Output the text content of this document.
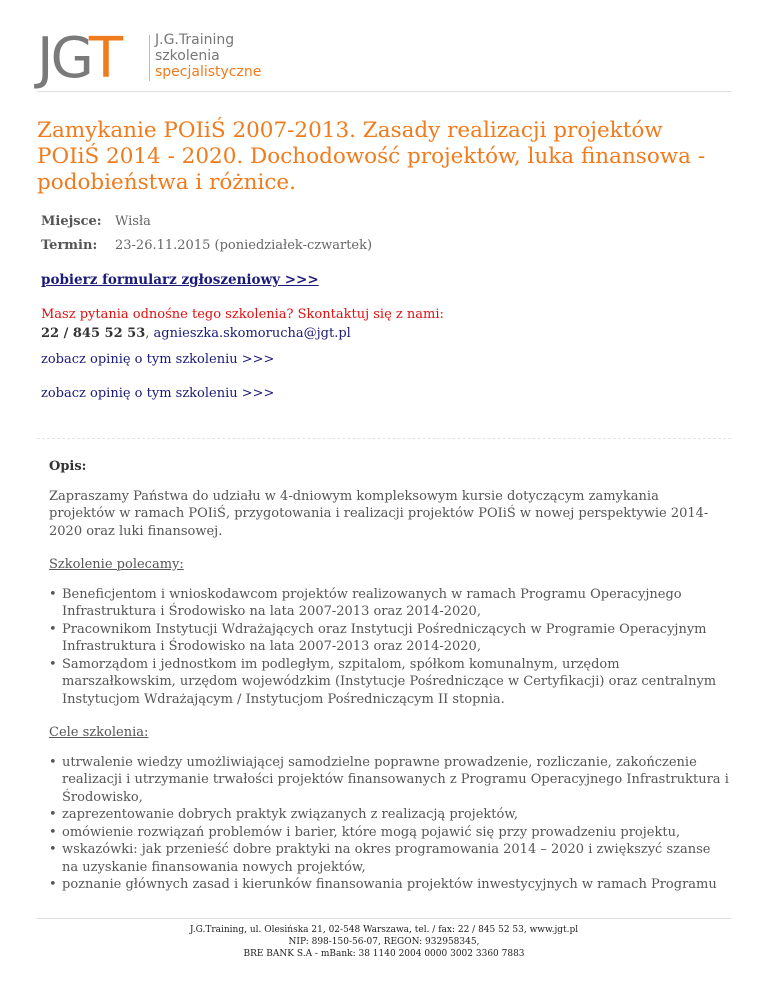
JGT J.G.Training
szkolenia
specjalistyczne
Zamykanie POIiŚ 2007-2013. Zasady realizacji projektów POIiŚ 2014 - 2020. Dochodowość projektów, luka finansowa - podobieństwa i różnice.
Miejsce:	Wisła
Termin:	23-26.11.2015 (poniedziałek-czwartek)
pobierz formularz zgłoszeniowy >>>
Masz pytania odnośne tego szkolenia? Skontaktuj się z nami:
22 / 845 52 53, agnieszka.skomorucha@jgt.pl
zobacz opinię o tym szkoleniu >>>
zobacz opinię o tym szkoleniu >>>

Opis:

Zapraszamy Państwa do udziału w 4-dniowym kompleksowym kursie dotyczącym zamykania projektów w ramach POIiŚ, przygotowania i realizacji projektów POIiŚ w nowej perspektywie 2014-2020 oraz luki finansowej.

Szkolenie polecamy:

• Beneficjentom i wnioskodawcom projektów realizowanych w ramach Programu Operacyjnego Infrastruktura i Środowisko na lata 2007-2013 oraz 2014-2020,
• Pracownikom Instytucji Wdrażających oraz Instytucji Pośredniczących w Programie Operacyjnym Infrastruktura i Środowisko na lata 2007-2013 oraz 2014-2020,
• Samorządom i jednostkom im podległym, szpitalom, spółkom komunalnym, urzędom marszałkowskim, urzędom wojewódzkim (Instytucje Pośredniczące w Certyfikacji) oraz centralnym Instytucjom Wdrażającym / Instytucjom Pośredniczącym II stopnia.

Cele szkolenia:

• utrwalenie wiedzy umożliwiającej samodzielne poprawne prowadzenie, rozliczanie, zakończenie realizacji i utrzymanie trwałości projektów finansowanych z Programu Operacyjnego Infrastruktura i Środowisko,
• zaprezentowanie dobrych praktyk związanych z realizacją projektów,
• omówienie rozwiązań problemów i barier, które mogą pojawić się przy prowadzeniu projektu,
• wskazówki: jak przenieść dobre praktyki na okres programowania 2014 – 2020 i zwiększyć szanse na uzyskanie finansowania nowych projektów,
• poznanie głównych zasad i kierunków finansowania projektów inwestycyjnych w ramach Programu
J.G.Training, ul. Olesińska 21, 02-548 Warszawa, tel. / fax: 22 / 845 52 53, www.jgt.pl
NIP: 898-150-56-07, REGON: 932958345,
BRE BANK S.A - mBank: 38 1140 2004 0000 3002 3360 7883
